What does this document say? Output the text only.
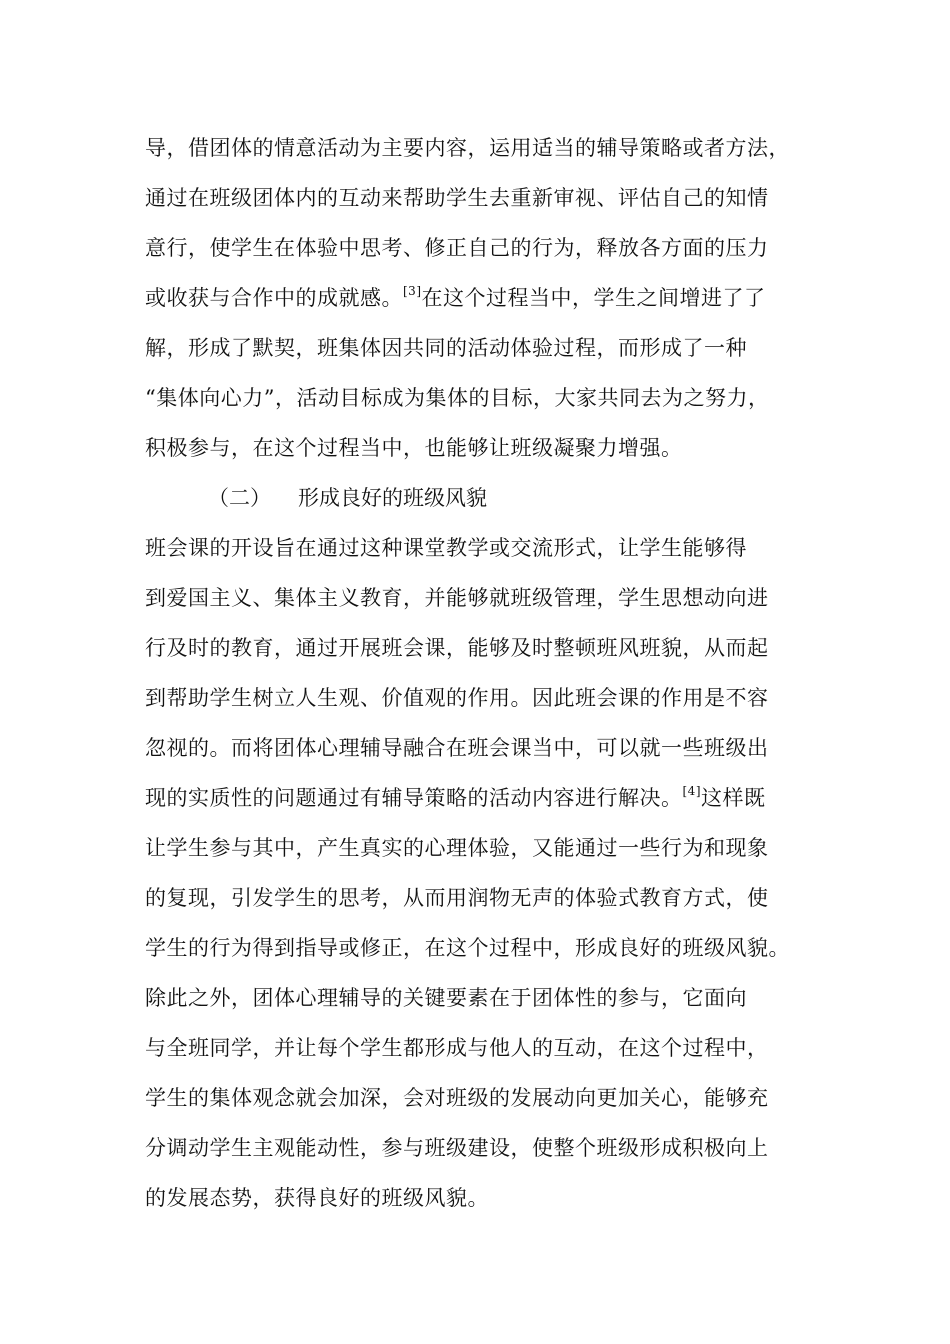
导，借团体的情意活动为主要内容，运用适当的辅导策略或者方法，
通过在班级团体内的互动来帮助学生去重新审视、评估自己的知情
意行，使学生在体验中思考、修正自己的行为，释放各方面的压力
或收获与合作中的成就感。[3]在这个过程当中，学生之间增进了了
解，形成了默契，班集体因共同的活动体验过程，而形成了一种
“集体向心力”，活动目标成为集体的目标，大家共同去为之努力，
积极参与，在这个过程当中，也能够让班级凝聚力增强。
（二） 形成良好的班级风貌
班会课的开设旨在通过这种课堂教学或交流形式，让学生能够得
到爱国主义、集体主义教育，并能够就班级管理，学生思想动向进
行及时的教育，通过开展班会课，能够及时整顿班风班貌，从而起
到帮助学生树立人生观、价值观的作用。因此班会课的作用是不容
忽视的。而将团体心理辅导融合在班会课当中，可以就一些班级出
现的实质性的问题通过有辅导策略的活动内容进行解决。[4]这样既
让学生参与其中，产生真实的心理体验，又能通过一些行为和现象
的复现，引发学生的思考，从而用润物无声的体验式教育方式，使
学生的行为得到指导或修正，在这个过程中，形成良好的班级风貌。
除此之外，团体心理辅导的关键要素在于团体性的参与，它面向
与全班同学，并让每个学生都形成与他人的互动，在这个过程中，
学生的集体观念就会加深，会对班级的发展动向更加关心，能够充
分调动学生主观能动性，参与班级建设，使整个班级形成积极向上
的发展态势，获得良好的班级风貌。
